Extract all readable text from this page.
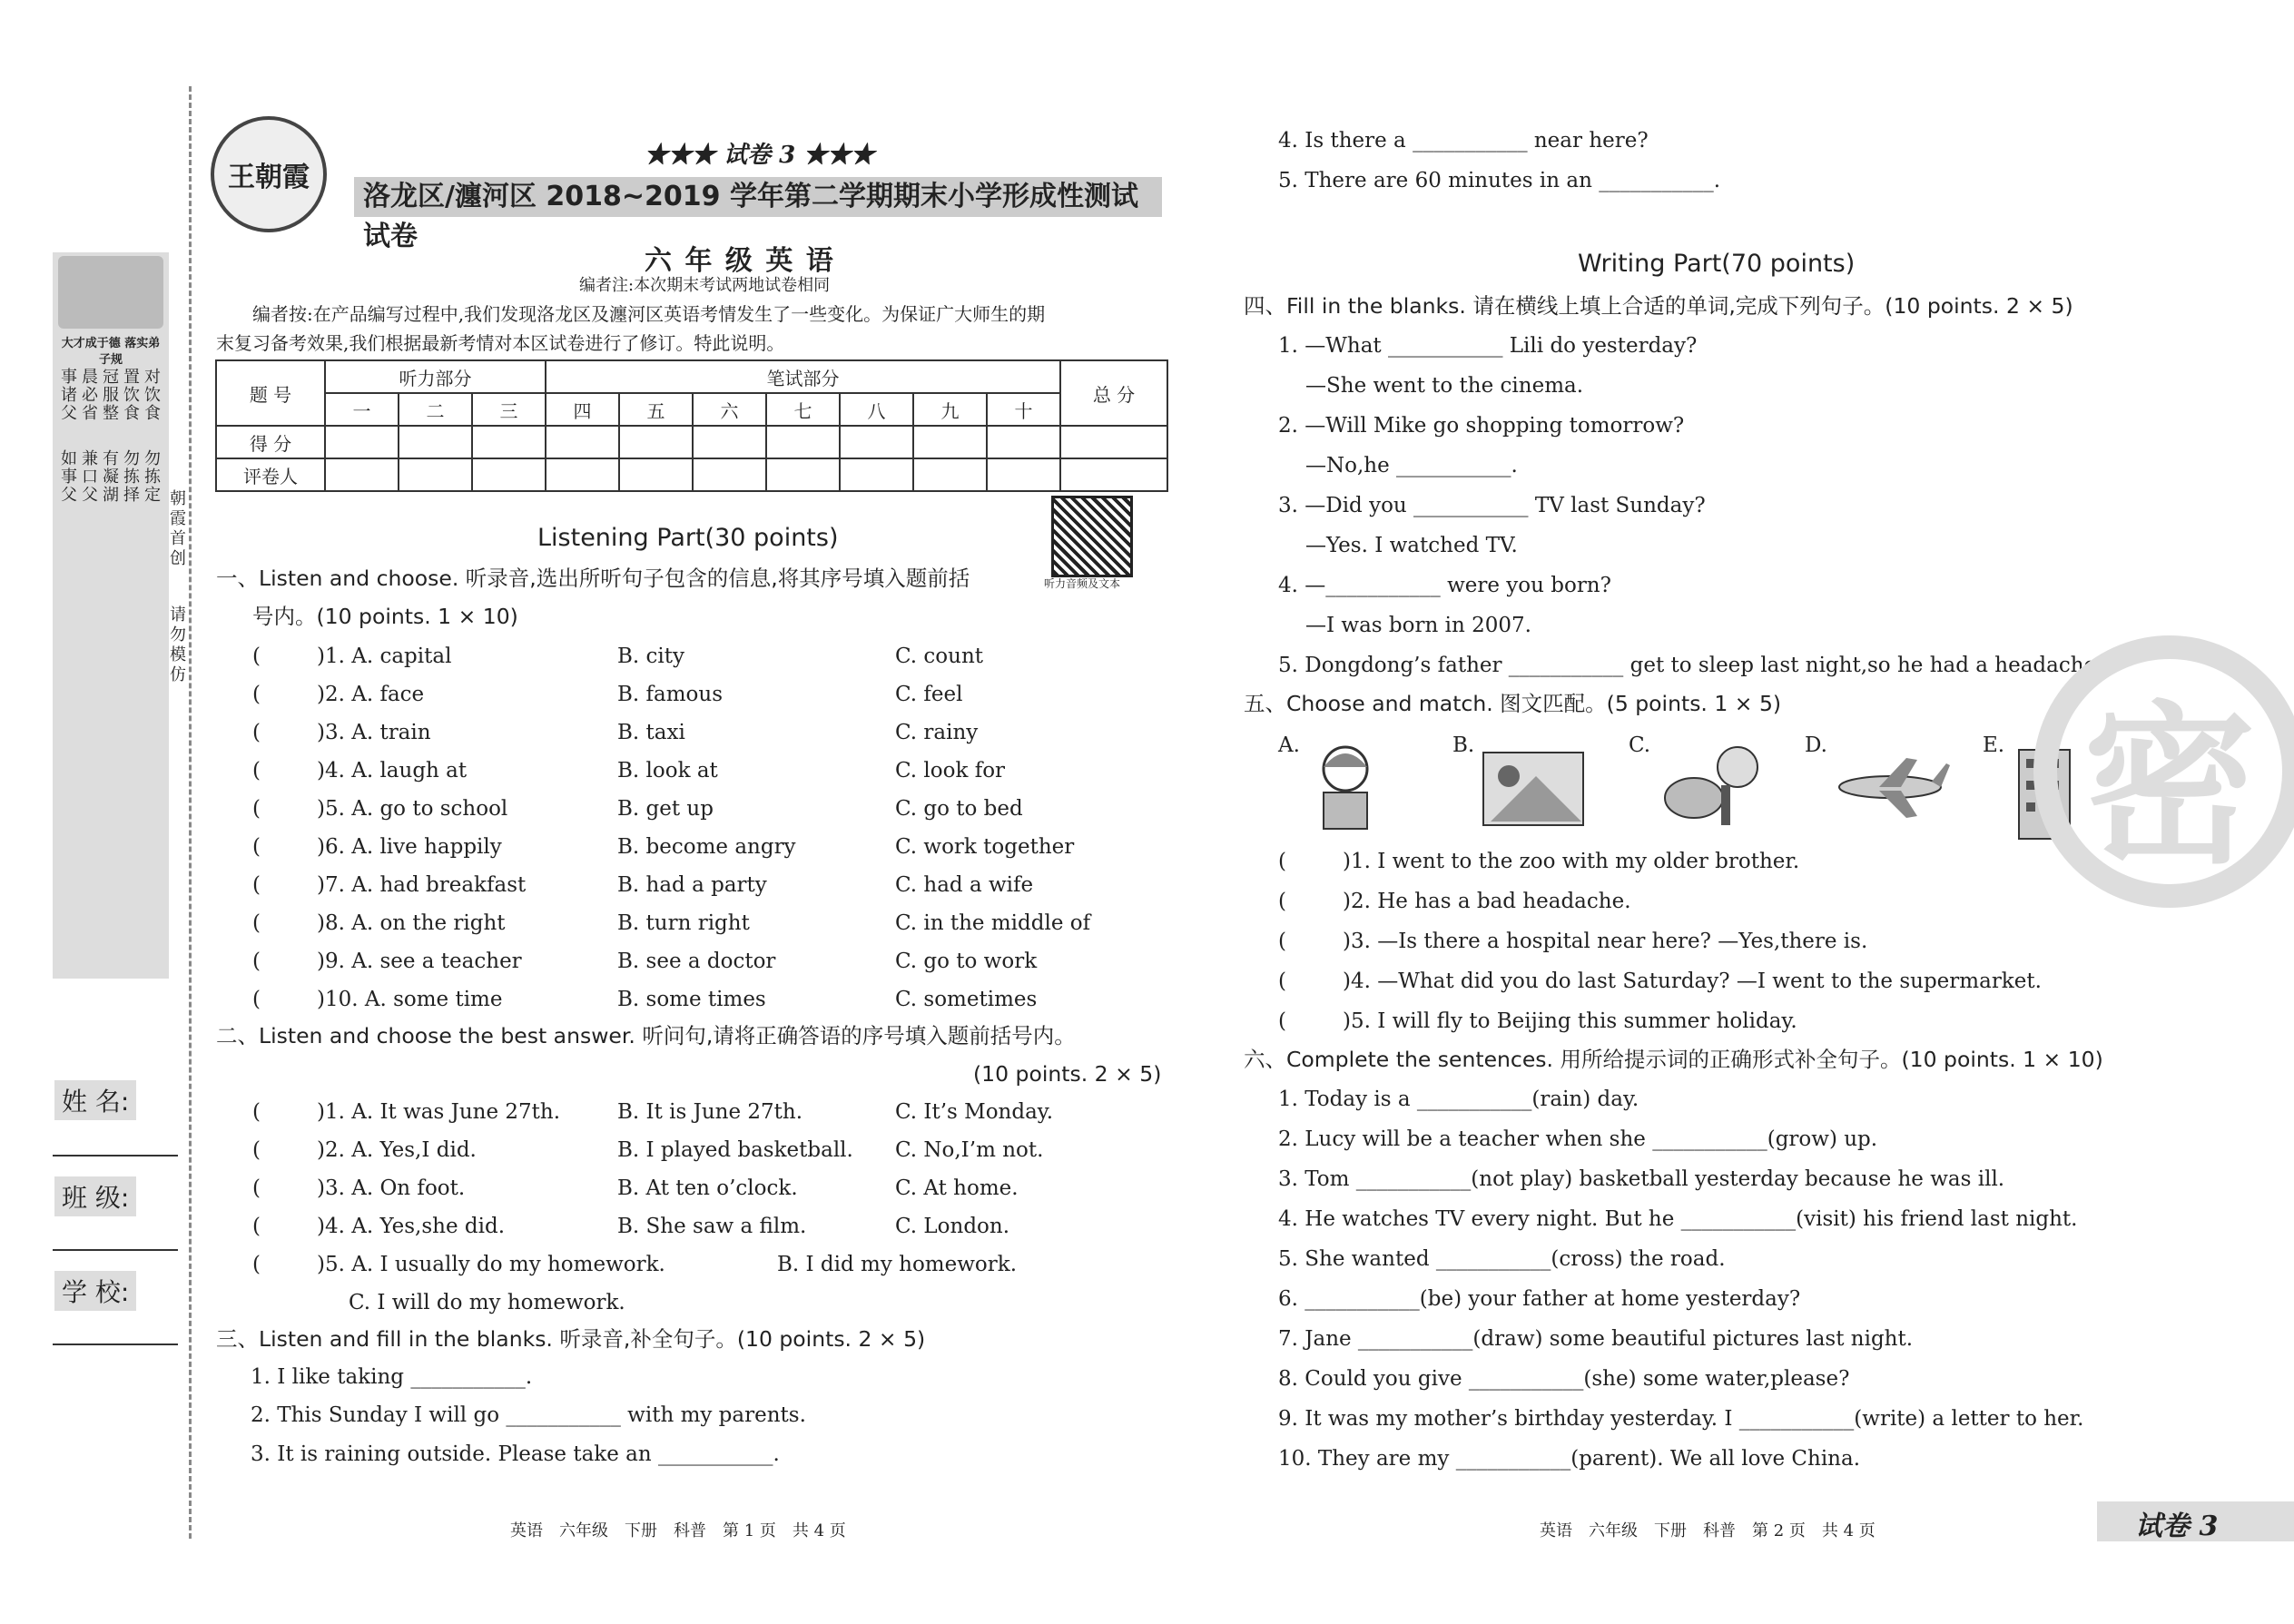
大才成于德 落实弟子规
事诸父
晨必省
冠服整
置饮食
对饮食
如事父
兼口父
有凝湖
勿拣择
勿拣定 朝
霞
首
创
请
勿
模
仿
姓 名:
班 级:
学 校:
王朝霞
★★★ 试卷 3 ★★★
洛龙区/瀍河区 2018~2019 学年第二学期期末小学形成性测试试卷
六 年 级 英 语
编者注:本次期末考试两地试卷相同
编者按:在产品编写过程中,我们发现洛龙区及瀍河区英语考情发生了一些变化。为保证广大师生的期
末复习备考效果,我们根据最新考情对本区试卷进行了修订。特此说明。
题 号	听力部分			笔试部分							总 分
	一	二	三	四	五	六	七	八	九	十	
得 分											
评卷人											
听力音频及文本
Listening Part(30 points)
一、Listen and choose. 听录音,选出所听句子包含的信息,将其序号填入题前括
号内。(10 points. 1 × 10)
(	)1. A. capital	B. city	C. count
(	)2. A. face	B. famous	C. feel
(	)3. A. train	B. taxi	C. rainy
(	)4. A. laugh at	B. look at	C. look for
(	)5. A. go to school	B. get up	C. go to bed
(	)6. A. live happily	B. become angry	C. work together
(	)7. A. had breakfast	B. had a party	C. had a wife
(	)8. A. on the right	B. turn right	C. in the middle of
(	)9. A. see a teacher	B. see a doctor	C. go to work
(	)10. A. some time	B. some times	C. sometimes
二、Listen and choose the best answer. 听问句,请将正确答语的序号填入题前括号内。
(10 points. 2 × 5)
(	)1. A. It was June 27th.	B. It is June 27th.	C. It’s Monday.
(	)2. A. Yes,I did.	B. I played basketball. C. No,I’m not.
(	)3. A. On foot.	B. At ten o’clock.	C. At home.
(	)4. A. Yes,she did.	B. She saw a film.	C. London.
(	)5. A. I usually do my homework.	B. I did my homework.
C. I will do my homework.
三、Listen and fill in the blanks. 听录音,补全句子。(10 points. 2 × 5)
1. I like taking ___________.
2. This Sunday I will go ___________ with my parents.
3. It is raining outside. Please take an ___________.
4. Is there a ___________ near here?
5. There are 60 minutes in an ___________.
Writing Part(70 points)
四、Fill in the blanks. 请在横线上填上合适的单词,完成下列句子。(10 points. 2 × 5)
1. —What ___________ Lili do yesterday?
—She went to the cinema.
2. —Will Mike go shopping tomorrow?
—No,he ___________.
3. —Did you ___________ TV last Sunday?
—Yes. I watched TV.
4. —___________ were you born?
—I was born in 2007.
5. Dongdong’s father ___________ get to sleep last night,so he had a headache.
五、Choose and match. 图文匹配。(5 points. 1 × 5)
A.	B.	C.	D.	E.
(	)1. I went to the zoo with my older brother.
(	)2. He has a bad headache.
(	)3. —Is there a hospital near here? —Yes,there is.
(	)4. —What did you do last Saturday? —I went to the supermarket.
(	)5. I will fly to Beijing this summer holiday.
六、Complete the sentences. 用所给提示词的正确形式补全句子。(10 points. 1 × 10)
1. Today is a ___________(rain) day.
2. Lucy will be a teacher when she ___________(grow) up.
3. Tom ___________(not play) basketball yesterday because he was ill.
4. He watches TV every night. But he ___________(visit) his friend last night.
5. She wanted ___________(cross) the road.
6. ___________(be) your father at home yesterday?
7. Jane ___________(draw) some beautiful pictures last night.
8. Could you give ___________(she) some water,please?
9. It was my mother’s birthday yesterday. I ___________(write) a letter to her.
10. They are my ___________(parent). We all love China.
密
英语　六年级　下册　科普　第 1 页　共 4 页	英语　六年级　下册　科普　第 2 页　共 4 页	试卷 3
